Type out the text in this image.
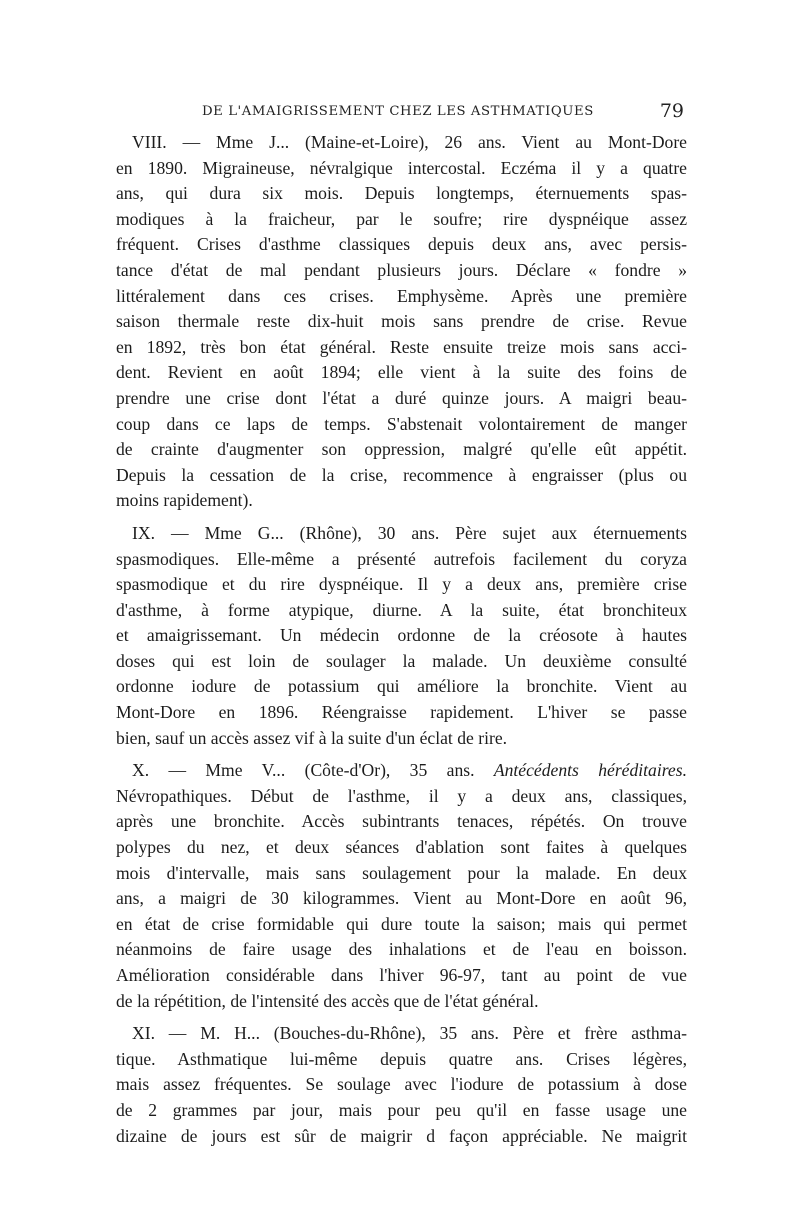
DE L'AMAIGRISSEMENT CHEZ LES ASTHMATIQUES	79
VIII. — Mme J... (Maine-et-Loire), 26 ans. Vient au Mont-Dore
en 1890. Migraineuse, névralgique intercostal. Eczéma il y a quatre
ans, qui dura six mois. Depuis longtemps, éternuements spas-
modiques à la fraicheur, par le soufre; rire dyspnéique assez
fréquent. Crises d'asthme classiques depuis deux ans, avec persis-
tance d'état de mal pendant plusieurs jours. Déclare « fondre »
littéralement dans ces crises. Emphysème. Après une première
saison thermale reste dix-huit mois sans prendre de crise. Revue
en 1892, très bon état général. Reste ensuite treize mois sans acci-
dent. Revient en août 1894; elle vient à la suite des foins de
prendre une crise dont l'état a duré quinze jours. A maigri beau-
coup dans ce laps de temps. S'abstenait volontairement de manger
de crainte d'augmenter son oppression, malgré qu'elle eût appétit.
Depuis la cessation de la crise, recommence à engraisser (plus ou
moins rapidement).
IX. — Mme G... (Rhône), 30 ans. Père sujet aux éternuements
spasmodiques. Elle-même a présenté autrefois facilement du coryza
spasmodique et du rire dyspnéique. Il y a deux ans, première crise
d'asthme, à forme atypique, diurne. A la suite, état bronchiteux
et amaigrissemant. Un médecin ordonne de la créosote à hautes
doses qui est loin de soulager la malade. Un deuxième consulté
ordonne iodure de potassium qui améliore la bronchite. Vient au
Mont-Dore en 1896. Réengraisse rapidement. L'hiver se passe
bien, sauf un accès assez vif à la suite d'un éclat de rire.
X. — Mme V... (Côte-d'Or), 35 ans. Antécédents héréditaires.
Névropathiques. Début de l'asthme, il y a deux ans, classiques,
après une bronchite. Accès subintrants tenaces, répétés. On trouve
polypes du nez, et deux séances d'ablation sont faites à quelques
mois d'intervalle, mais sans soulagement pour la malade. En deux
ans, a maigri de 30 kilogrammes. Vient au Mont-Dore en août 96,
en état de crise formidable qui dure toute la saison; mais qui permet
néanmoins de faire usage des inhalations et de l'eau en boisson.
Amélioration considérable dans l'hiver 96-97, tant au point de vue
de la répétition, de l'intensité des accès que de l'état général.
XI. — M. H... (Bouches-du-Rhône), 35 ans. Père et frère asthma-
tique. Asthmatique lui-même depuis quatre ans. Crises légères,
mais assez fréquentes. Se soulage avec l'iodure de potassium à dose
de 2 grammes par jour, mais pour peu qu'il en fasse usage une
dizaine de jours est sûr de maigrir d façon appréciable. Ne maigrit
